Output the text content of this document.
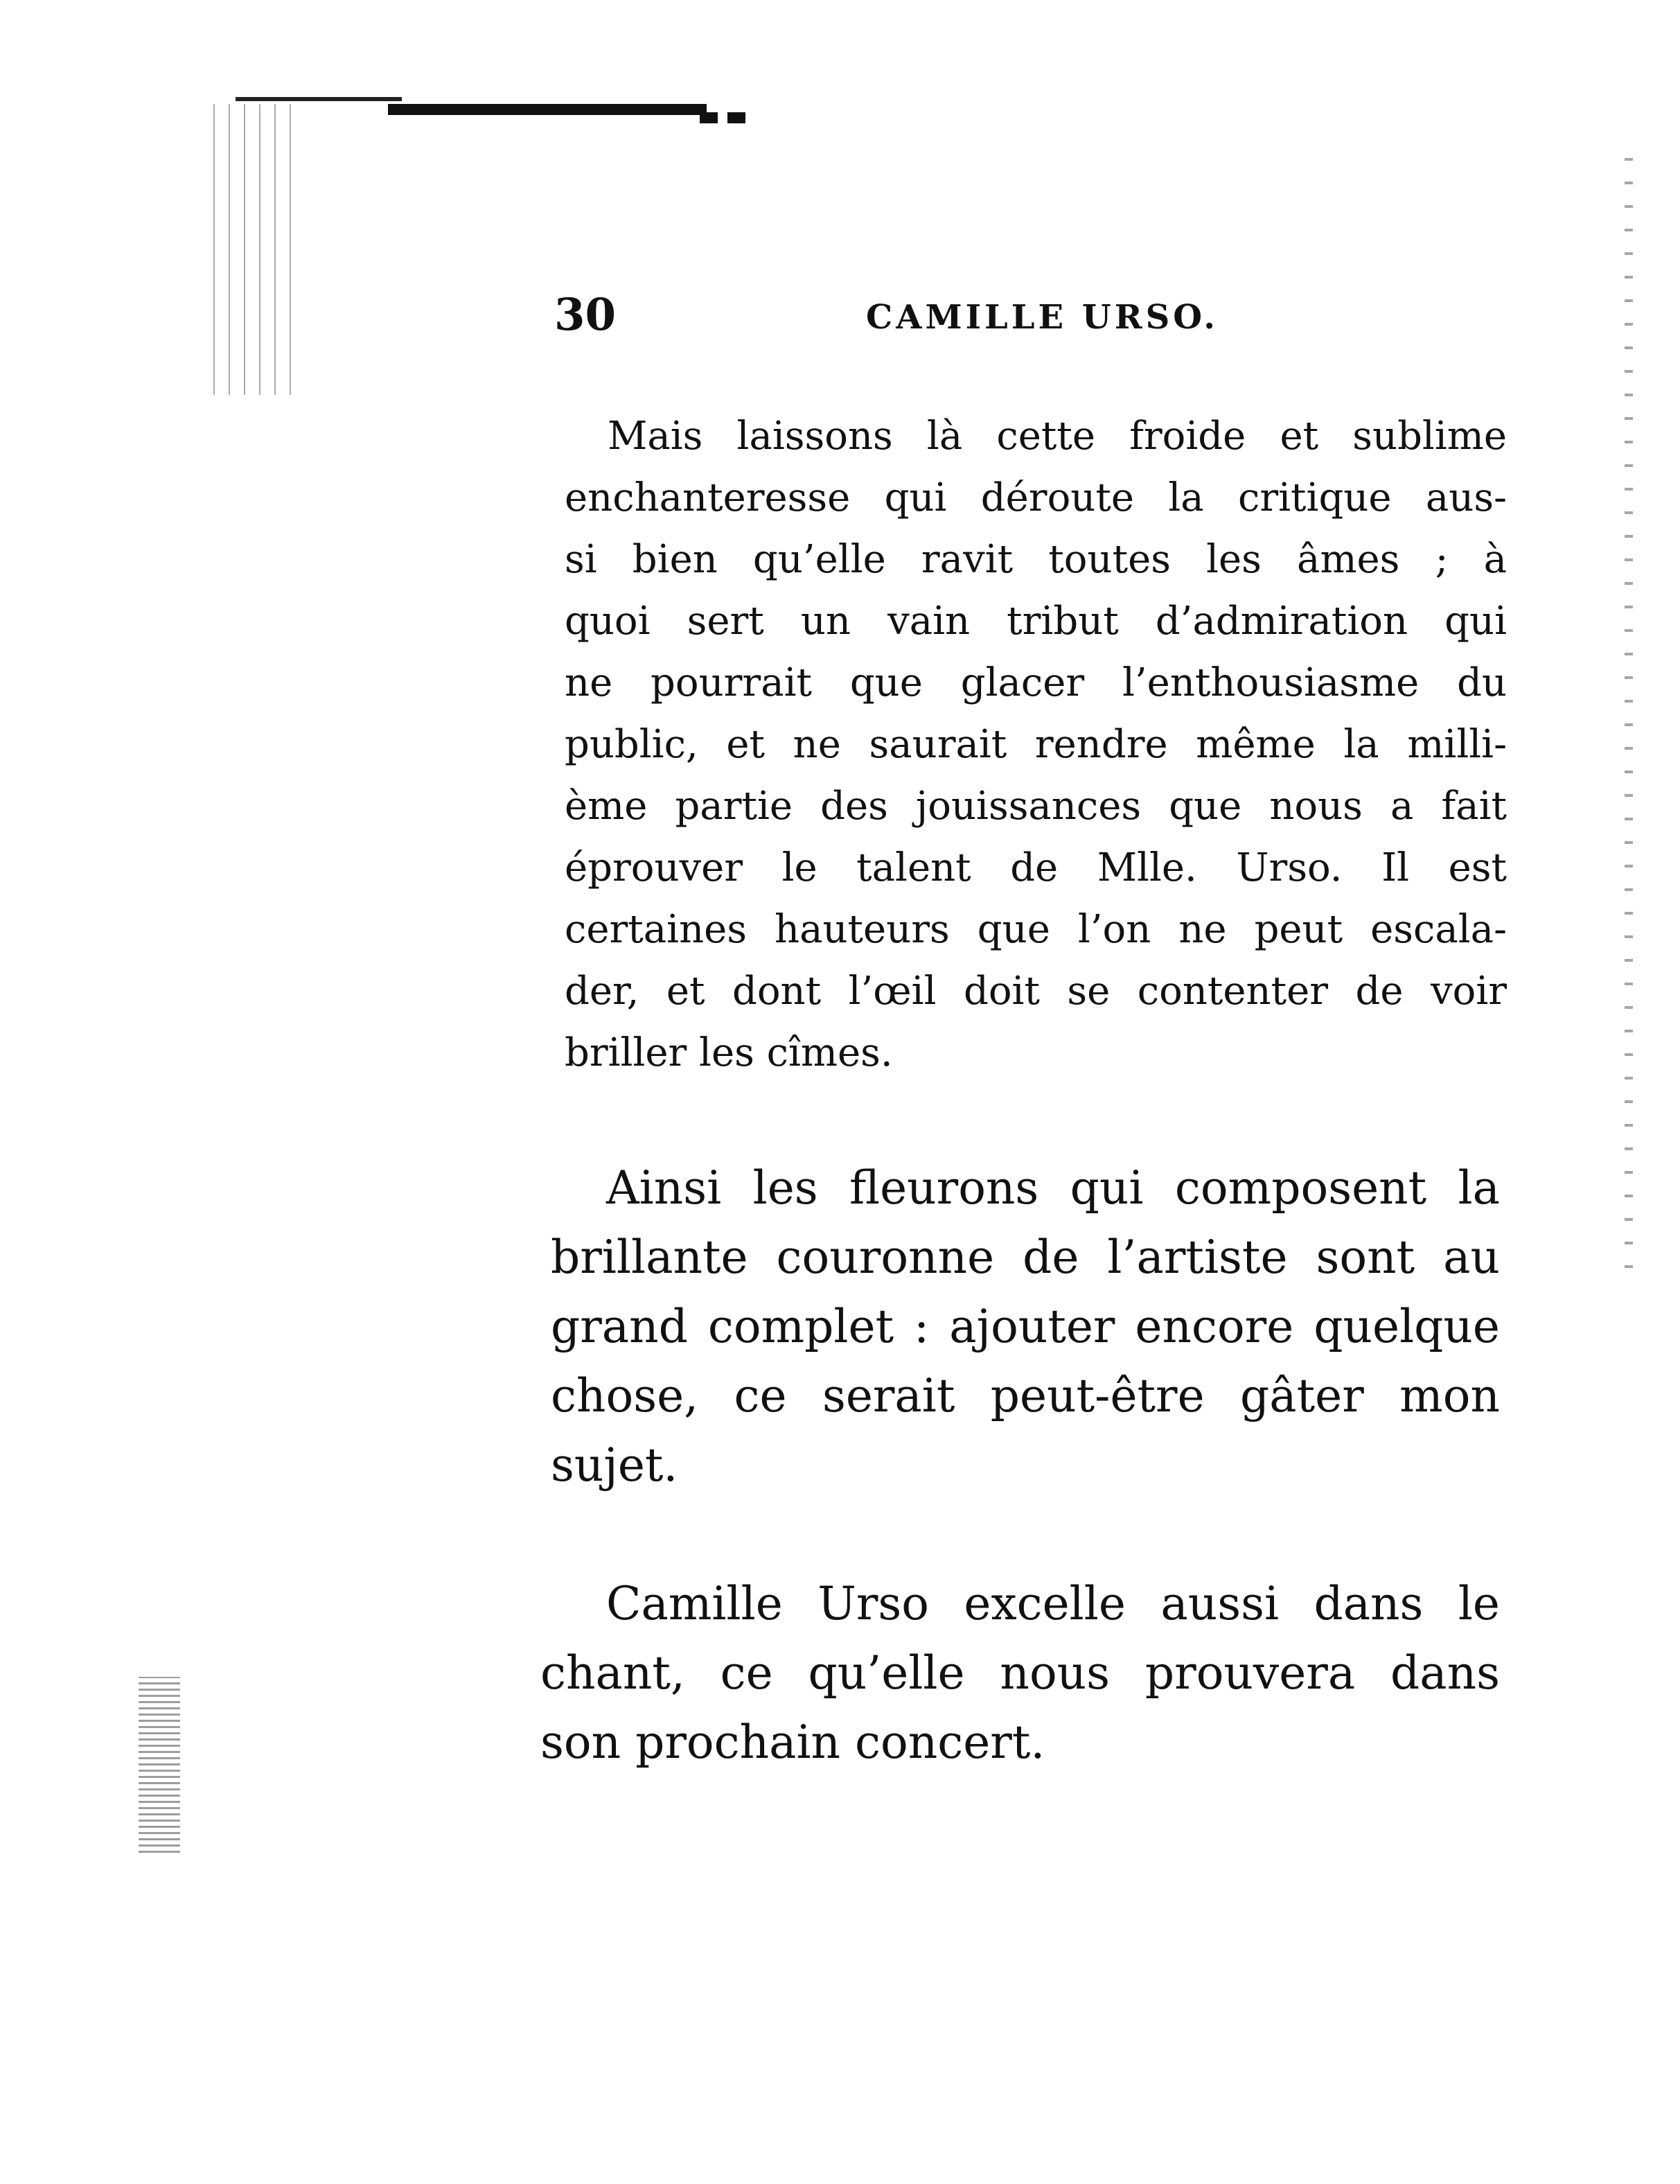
30	CAMILLE URSO.
Mais laissons là cette froide et sublime
enchanteresse qui déroute la critique aus-
si bien qu’elle ravit toutes les âmes ; à
quoi sert un vain tribut d’admiration qui
ne pourrait que glacer l’enthousiasme du
public, et ne saurait rendre même la milli-
ème partie des jouissances que nous a fait
éprouver le talent de Mlle. Urso. Il est
certaines hauteurs que l’on ne peut escala-
der, et dont l’œil doit se contenter de voir
briller les cîmes.
Ainsi les fleurons qui composent la
brillante couronne de l’artiste sont au
grand complet : ajouter encore quelque
chose, ce serait peut-être gâter mon
sujet.
Camille Urso excelle aussi dans le
chant, ce qu’elle nous prouvera dans
son prochain concert.
